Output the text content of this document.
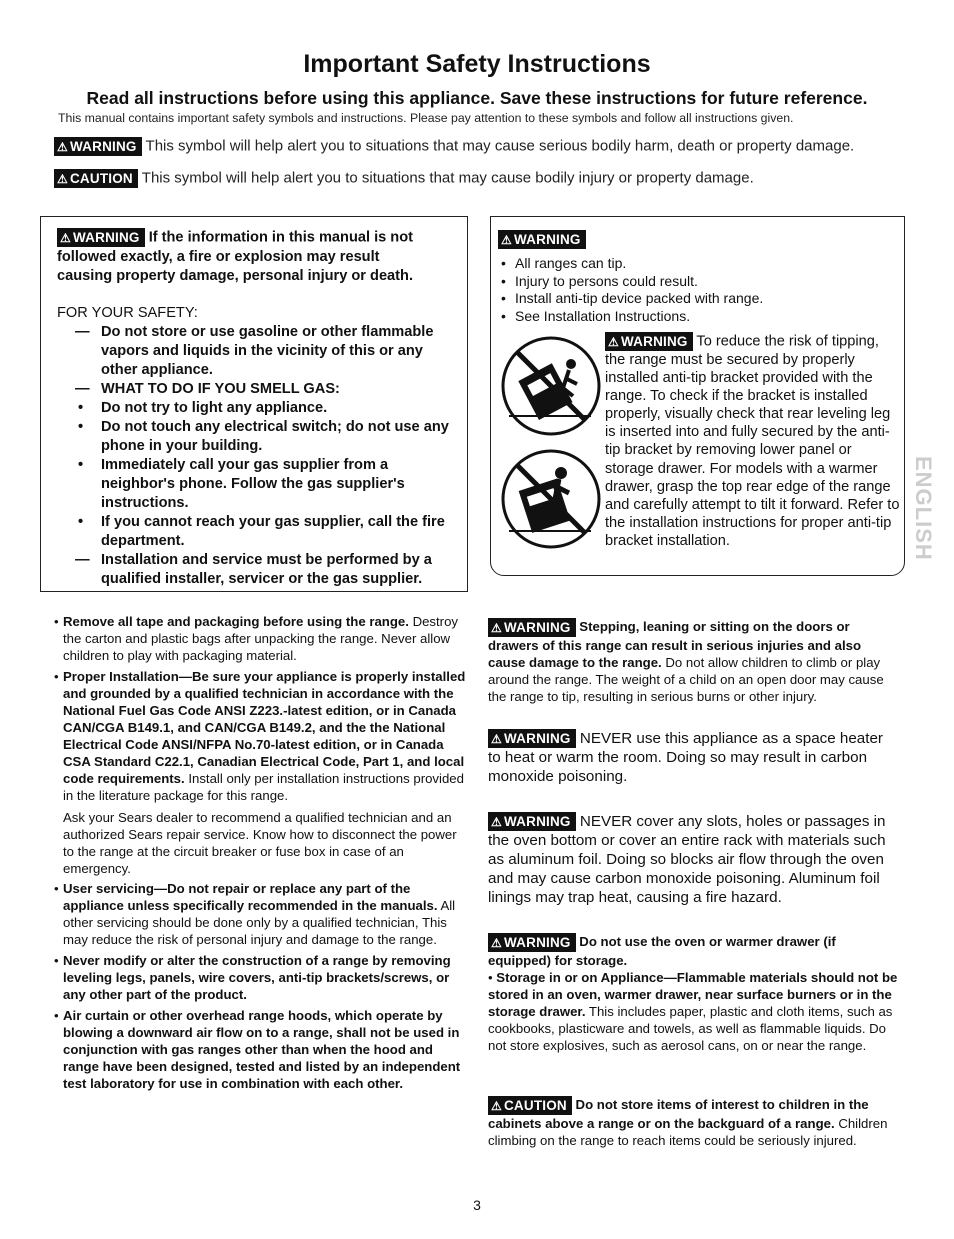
Important Safety Instructions
Read all instructions before using this appliance. Save these instructions for future reference.
This manual contains important safety symbols and instructions. Please pay attention to these symbols and follow all instructions given.
⚠ WARNING This symbol will help alert you to situations that may cause serious bodily harm, death or property damage.
⚠ CAUTION This symbol will help alert you to situations that may cause bodily injury or property damage.
⚠ WARNING If the information in this manual is not
followed exactly, a fire or explosion may result
causing property damage, personal injury or death.
FOR YOUR SAFETY:
— Do not store or use gasoline or other flammable vapors and liquids in the vicinity of this or any other appliance.
— WHAT TO DO IF YOU SMELL GAS:
• Do not try to light any appliance.
• Do not touch any electrical switch; do not use any phone in your building.
• Immediately call your gas supplier from a neighbor's phone. Follow the gas supplier's instructions.
• If you cannot reach your gas supplier, call the fire department.
— Installation and service must be performed by a qualified installer, servicer or the gas supplier.
⚠ WARNING
• All ranges can tip.
• Injury to persons could result.
• Install anti-tip device packed with range.
• See Installation Instructions.
⚠ WARNING To reduce the risk of tipping, the range must be secured by properly installed anti-tip bracket provided with the range. To check if the bracket is installed properly, visually check that rear leveling leg is inserted into and fully secured by the anti-tip bracket by removing lower panel or storage drawer. For models with a warmer drawer, grasp the top rear edge of the range and carefully attempt to tilt it forward. Refer to the installation instructions for proper anti-tip bracket installation.	ENGLISH
• Remove all tape and packaging before using the range. Destroy the carton and plastic bags after unpacking the range. Never allow children to play with packaging material.
• Proper Installation—Be sure your appliance is properly installed and grounded by a qualified technician in accordance with the National Fuel Gas Code ANSI Z223.-latest edition, or in Canada CAN/CGA B149.1, and CAN/CGA B149.2, and the the National Electrical Code ANSI/NFPA No.70-latest edition, or in Canada CSA Standard C22.1, Canadian Electrical Code, Part 1, and local code requirements. Install only per installation instructions provided in the literature package for this range.
Ask your Sears dealer to recommend a qualified technician and an authorized Sears repair service. Know how to disconnect the power to the range at the circuit breaker or fuse box in case of an emergency.
• User servicing—Do not repair or replace any part of the appliance unless specifically recommended in the manuals. All other servicing should be done only by a qualified technician, This may reduce the risk of personal injury and damage to the range.
• Never modify or alter the construction of a range by removing leveling legs, panels, wire covers, anti-tip brackets/screws, or any other part of the product.
• Air curtain or other overhead range hoods, which operate by blowing a downward air flow on to a range, shall not be used in conjunction with gas ranges other than when the hood and range have been designed, tested and listed by an independent test laboratory for use in combination with each other.
⚠ WARNING Stepping, leaning or sitting on the doors or drawers of this range can result in serious injuries and also cause damage to the range. Do not allow children to climb or play around the range. The weight of a child on an open door may cause the range to tip, resulting in serious burns or other injury.
⚠ WARNING NEVER use this appliance as a space heater to heat or warm the room. Doing so may result in carbon monoxide poisoning.
⚠ WARNING NEVER cover any slots, holes or passages in the oven bottom or cover an entire rack with materials such as aluminum foil. Doing so blocks air flow through the oven and may cause carbon monoxide poisoning. Aluminum foil linings may trap heat, causing a fire hazard.
⚠ WARNING Do not use the oven or warmer drawer (if equipped) for storage.
• Storage in or on Appliance—Flammable materials should not be stored in an oven, warmer drawer, near surface burners or in the storage drawer. This includes paper, plastic and cloth items, such as cookbooks, plasticware and towels, as well as flammable liquids. Do not store explosives, such as aerosol cans, on or near the range.
⚠ CAUTION Do not store items of interest to children in the cabinets above a range or on the backguard of a range. Children climbing on the range to reach items could be seriously injured.
3
